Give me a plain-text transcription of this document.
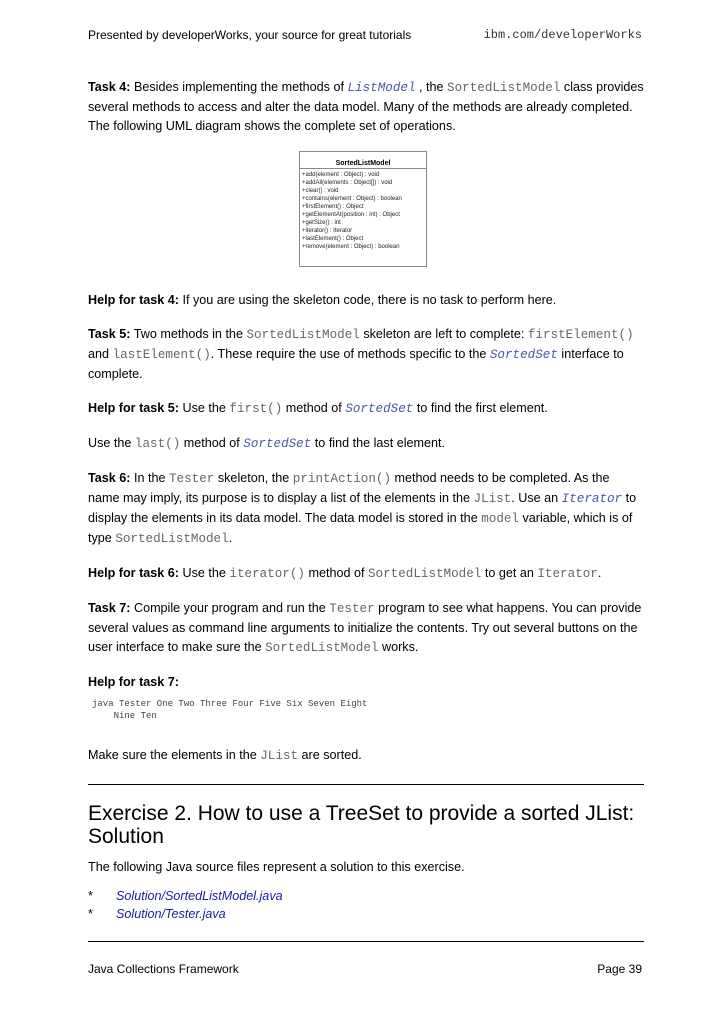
Presented by developerWorks, your source for great tutorials	ibm.com/developerWorks

Task 4: Besides implementing the methods of ListModel , the SortedListModel class provides several methods to access and alter the data model. Many of the methods are already completed. The following UML diagram shows the complete set of operations.

SortedListModel
+add(element : Object) : void
+addAll(elements : Object[]) : void
+clear() : void
+contains(element : Object) : boolean
+firstElement() : Object
+getElementAt(position : int) : Object
+getSize() : int
+iterator() : Iterator
+lastElement() : Object
+remove(element : Object) : boolean

Help for task 4: If you are using the skeleton code, there is no task to perform here.

Task 5: Two methods in the SortedListModel skeleton are left to complete: firstElement() and lastElement(). These require the use of methods specific to the SortedSet interface to complete.

Help for task 5: Use the first() method of SortedSet to find the first element.

Use the last() method of SortedSet to find the last element.

Task 6: In the Tester skeleton, the printAction() method needs to be completed. As the name may imply, its purpose is to display a list of the elements in the JList. Use an Iterator to display the elements in its data model. The data model is stored in the model variable, which is of type SortedListModel.

Help for task 6: Use the iterator() method of SortedListModel to get an Iterator.

Task 7: Compile your program and run the Tester program to see what happens. You can provide several values as command line arguments to initialize the contents. Try out several buttons on the user interface to make sure the SortedListModel works.

Help for task 7:

java Tester One Two Three Four Five Six Seven Eight
Nine Ten

Make sure the elements in the JList are sorted.

Exercise 2. How to use a TreeSet to provide a sorted JList: Solution

The following Java source files represent a solution to this exercise.

*	Solution/SortedListModel.java
*	Solution/Tester.java
Java Collections Framework	Page 39
